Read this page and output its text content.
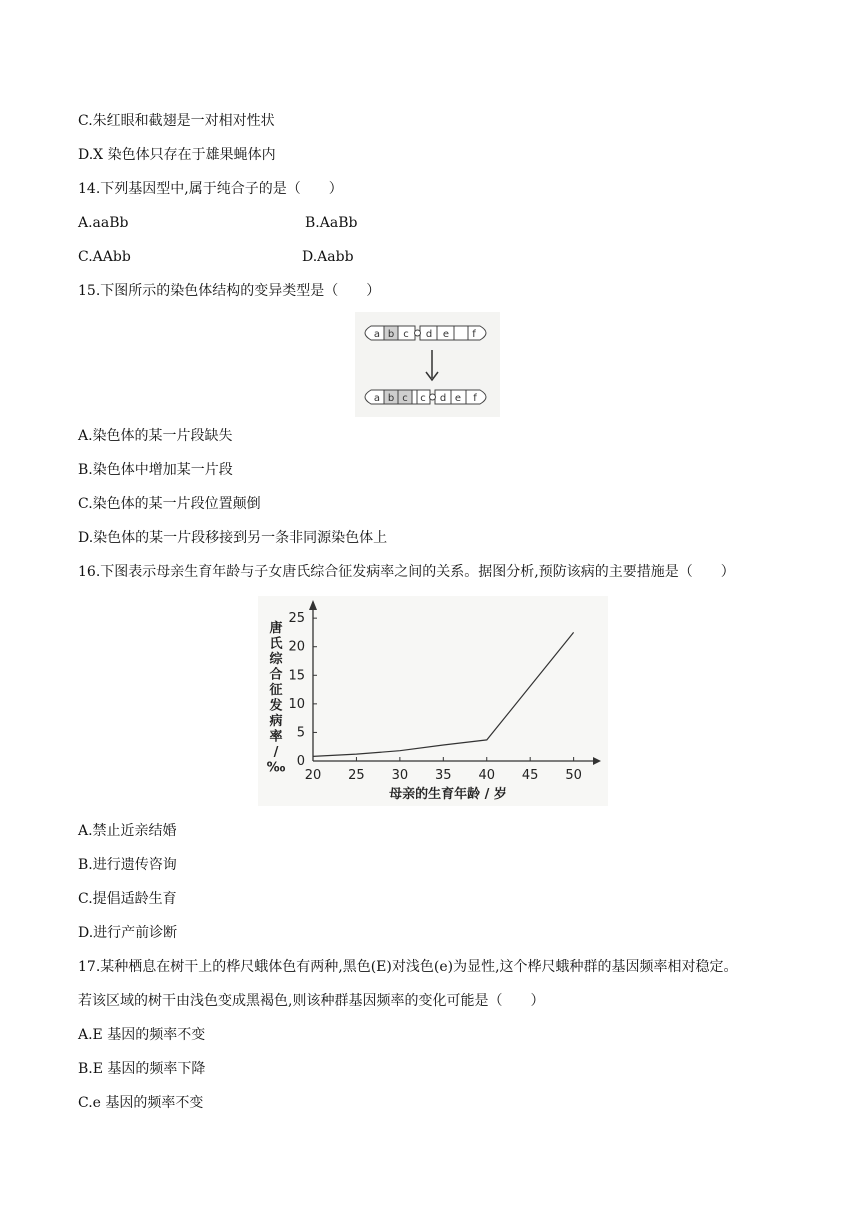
C.朱红眼和截翅是一对相对性状
D.X 染色体只存在于雄果蝇体内
14.下列基因型中,属于纯合子的是（　　）
A.aaBb	B.AaBb
C.AAbb	D.Aabb
15.下图所示的染色体结构的变异类型是（　　）
a b c d e f
a b c c d e f
A.染色体的某一片段缺失
B.染色体中增加某一片段
C.染色体的某一片段位置颠倒
D.染色体的某一片段移接到另一条非同源染色体上
16.下图表示母亲生育年龄与子女唐氏综合征发病率之间的关系。据图分析,预防该病的主要措施是（　　）
唐
氏
综
合
征
发
病
率
/
‰ 20 25 30 35 40 45 50
0
5
10
15
20
25
母亲的生育年龄 / 岁
A.禁止近亲结婚
B.进行遗传咨询
C.提倡适龄生育
D.进行产前诊断
17.某种栖息在树干上的桦尺蛾体色有两种,黑色(E)对浅色(e)为显性,这个桦尺蛾种群的基因频率相对稳定。
若该区域的树干由浅色变成黑褐色,则该种群基因频率的变化可能是（　　）
A.E 基因的频率不变
B.E 基因的频率下降
C.e 基因的频率不变
